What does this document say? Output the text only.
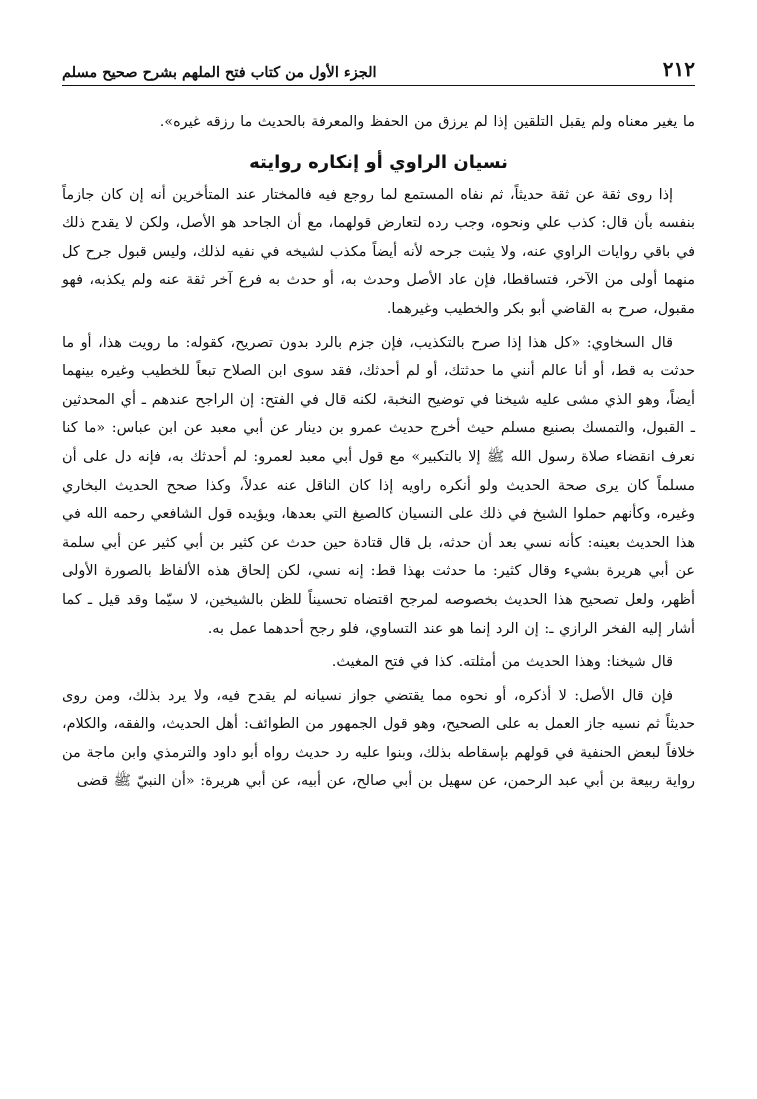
٢١٢
الجزء الأول من كتاب فتح الملهم بشرح صحيح مسلم

ما يغير معناه ولم يقبل التلقين إذا لم يرزق من الحفظ والمعرفة بالحديث ما رزقه غيره».

نسيان الراوي أو إنكاره روايته

إذا روى ثقة عن ثقة حديثاً، ثم نفاه المستمع لما روجع فيه فالمختار عند المتأخرين أنه إن كان جازماً بنفسه بأن قال: كذب علي ونحوه، وجب رده لتعارض قولهما، مع أن الجاحد هو الأصل، ولكن لا يقدح ذلك في باقي روايات الراوي عنه، ولا يثبت جرحه لأنه أيضاً مكذب لشيخه في نفيه لذلك، وليس قبول جرح كل منهما أولى من الآخر، فتساقطا، فإن عاد الأصل وحدث به، أو حدث به فرع آخر ثقة عنه ولم يكذبه، فهو مقبول، صرح به القاضي أبو بكر والخطيب وغيرهما.

قال السخاوي: «كل هذا إذا صرح بالتكذيب، فإن جزم بالرد بدون تصريح، كقوله: ما رويت هذا، أو ما حدثت به قط، أو أنا عالم أنني ما حدثتك، أو لم أحدثك، فقد سوى ابن الصلاح تبعاً للخطيب وغيره بينهما أيضاً، وهو الذي مشى عليه شيخنا في توضيح النخبة، لكنه قال في الفتح: إن الراجح عندهم ـ أي المحدثين ـ القبول، والتمسك بصنيع مسلم حيث أخرج حديث عمرو بن دينار عن أبي معبد عن ابن عباس: «ما كنا نعرف انقضاء صلاة رسول الله ﷺ إلا بالتكبير» مع قول أبي معبد لعمرو: لم أحدثك به، فإنه دل على أن مسلماً كان يرى صحة الحديث ولو أنكره راويه إذا كان الناقل عنه عدلاً، وكذا صحح الحديث البخاري وغيره، وكأنهم حملوا الشيخ في ذلك على النسيان كالصيغ التي بعدها، ويؤيده قول الشافعي رحمه الله في هذا الحديث بعينه: كأنه نسي بعد أن حدثه، بل قال قتادة حين حدث عن كثير بن أبي كثير عن أبي سلمة عن أبي هريرة بشيء وقال كثير: ما حدثت بهذا قط: إنه نسي، لكن إلحاق هذه الألفاظ بالصورة الأولى أظهر، ولعل تصحيح هذا الحديث بخصوصه لمرجح اقتضاه تحسيناً للظن بالشيخين، لا سيّما وقد قيل ـ كما أشار إليه الفخر الرازي ـ: إن الرد إنما هو عند التساوي، فلو رجح أحدهما عمل به.

قال شيخنا: وهذا الحديث من أمثلته. كذا في فتح المغيث.

فإن قال الأصل: لا أذكره، أو نحوه مما يقتضي جواز نسيانه لم يقدح فيه، ولا يرد بذلك، ومن روى حديثاً ثم نسيه جاز العمل به على الصحيح، وهو قول الجمهور من الطوائف: أهل الحديث، والفقه، والكلام، خلافاً لبعض الحنفية في قولهم بإسقاطه بذلك، وبنوا عليه رد حديث رواه أبو داود والترمذي وابن ماجة من رواية ربيعة بن أبي عبد الرحمن، عن سهيل بن أبي صالح، عن أبيه، عن أبي هريرة: «أن النبيّ ﷺ قضى
